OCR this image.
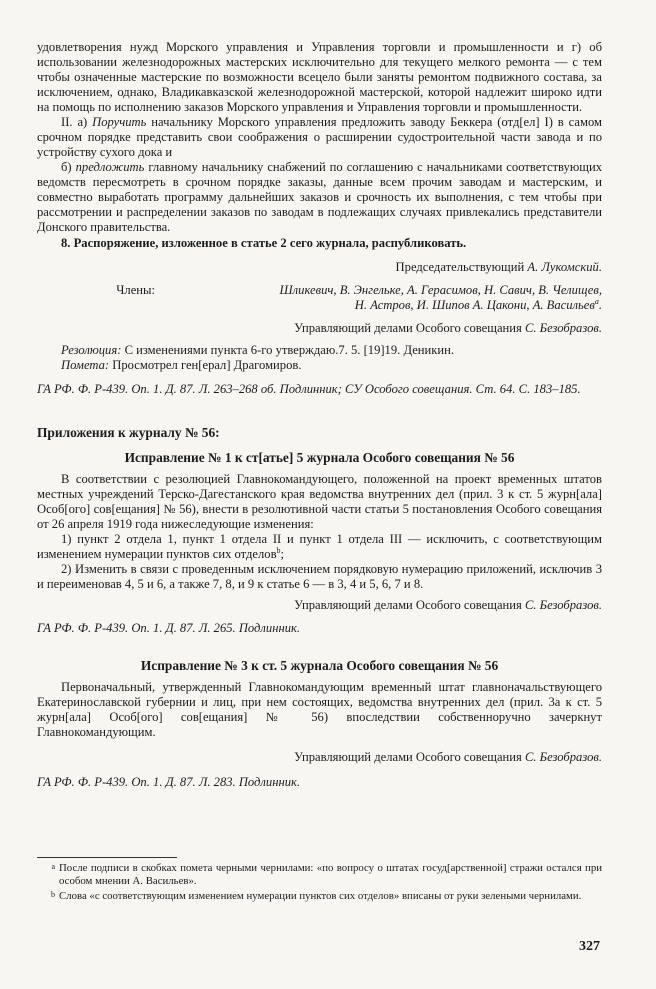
удовлетворения нужд Морского управления и Управления торговли и промышленности и г) об использовании железнодорожных мастерских исключительно для текущего мелкого ремонта — с тем чтобы означенные мастерские по возможности всецело были заняты ремонтом подвижного состава, за исключением, однако, Владикавказской железнодорожной мастерской, которой надлежит широко идти на помощь по исполнению заказов Морского управления и Управления торговли и промышленности.

II. а) Поручить начальнику Морского управления предложить заводу Беккера (отд[ел] I) в самом срочном порядке представить свои соображения о расширении судостроительной части завода и по устройству сухого дока и

б) предложить главному начальнику снабжений по соглашению с начальниками соответствующих ведомств пересмотреть в срочном порядке заказы, данные всем прочим заводам и мастерским, и совместно выработать программу дальнейших заказов и срочность их выполнения, с тем чтобы при рассмотрении и распределении заказов по заводам в подлежащих случаях привлекались представители Донского правительства.

8. Распоряжение, изложенное в статье 2 сего журнала, распубликовать.

Председательствующий А. Лукомский.

Члены:	Шликевич, В. Энгельке, А. Герасимов, Н. Савич, В. Челищев,
Н. Астров, И. Шипов А. Цакони, А. Васильев$^a$.

Управляющий делами Особого совещания С. Безобразов.

Резолюция: С изменениями пункта 6-го утверждаю.7. 5. [19]19. Деникин.

Помета: Просмотрел ген[ерал] Драгомиров.

ГА РФ. Ф. Р-439. Оп. 1. Д. 87. Л. 263–268 об. Подлинник; СУ Особого совещания. Ст. 64. С. 183–185.

Приложения к журналу № 56:

Исправление № 1 к ст[атье] 5 журнала Особого совещания № 56

В соответствии с резолюцией Главнокомандующего, положенной на проект временных штатов местных учреждений Терско-Дагестанского края ведомства внутренних дел (прил. 3 к ст. 5 журн[ала] Особ[ого] сов[ещания] № 56), внести в резолютивной части статьи 5 постановления Особого совещания от 26 апреля 1919 года нижеследующие изменения:

1) пункт 2 отдела 1, пункт 1 отдела II и пункт 1 отдела III — исключить, с соответствующим изменением нумерации пунктов сих отделов$^b$;

2) Изменить в связи с проведенным исключением порядковую нумерацию приложений, исключив 3 и переименовав 4, 5 и 6, а также 7, 8, и 9 к статье 6 — в 3, 4 и 5, 6, 7 и 8.

Управляющий делами Особого совещания С. Безобразов.

ГА РФ. Ф. Р-439. Оп. 1. Д. 87. Л. 265. Подлинник.

Исправление № 3 к ст. 5 журнала Особого совещания № 56

Первоначальный, утвержденный Главнокомандующим временный штат главноначальствующего Екатеринославской губернии и лиц, при нем состоящих, ведомства внутренних дел (прил. 3а к ст. 5 журн[ала] Особ[ого] сов[ещания] № 56) впоследствии собственноручно зачеркнут Главнокомандующим.

Управляющий делами Особого совещания С. Безобразов.

ГА РФ. Ф. Р-439. Оп. 1. Д. 87. Л. 283. Подлинник.

a После подписи в скобках помета черными чернилами: «по вопросу о штатах госуд[арственной] стражи остался при особом мнении А. Васильев».
b Слова «с соответствующим изменением нумерации пунктов сих отделов» вписаны от руки зелеными чернилами.
327
